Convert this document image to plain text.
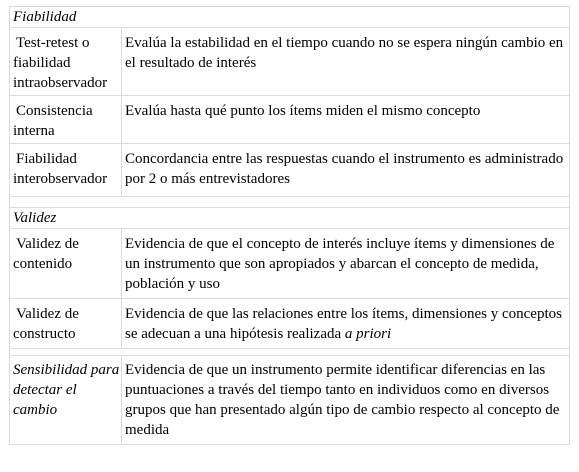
Fiabilidad	
Test-retest o fiabilidad intraobservador	Evalúa la estabilidad en el tiempo cuando no se espera ningún cambio en el resultado de interés
Consistencia interna	Evalúa hasta qué punto los ítems miden el mismo concepto
Fiabilidad interobservador	Concordancia entre las respuestas cuando el instrumento es administrado por 2 o más entrevistadores

Validez	
Validez de contenido	Evidencia de que el concepto de interés incluye ítems y dimensiones de un instrumento que son apropiados y abarcan el concepto de medida, población y uso
Validez de constructo	Evidencia de que las relaciones entre los ítems, dimensiones y conceptos se adecuan a una hipótesis realizada a priori

Sensibilidad para detectar el cambio	Evidencia de que un instrumento permite identificar diferencias en las puntuaciones a través del tiempo tanto en individuos como en diversos grupos que han presentado algún tipo de cambio respecto al concepto de medida
